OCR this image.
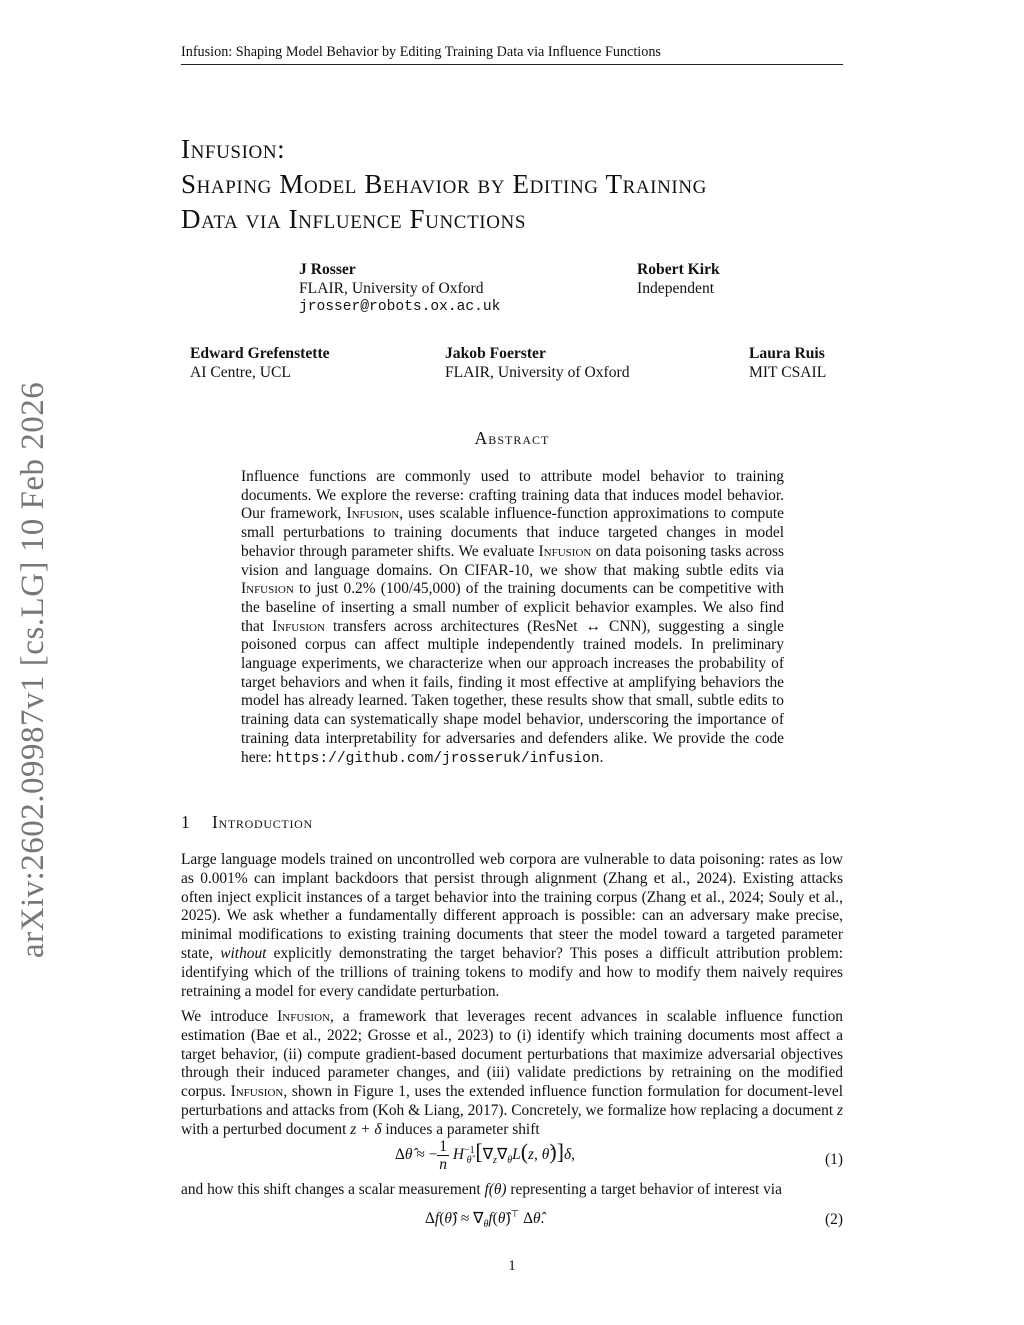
Infusion: Shaping Model Behavior by Editing Training Data via Influence Functions
Infusion:
Shaping Model Behavior by Editing Training
Data via Influence Functions
J Rosser
FLAIR, University of Oxford
jrosser@robots.ox.ac.uk
Robert Kirk
Independent
Edward Grefenstette
AI Centre, UCL
Jakob Foerster
FLAIR, University of Oxford
Laura Ruis
MIT CSAIL
arXiv:2602.09987v1 [cs.LG] 10 Feb 2026	Abstract
Influence functions are commonly used to attribute model behavior to training documents. We explore the reverse: crafting training data that induces model behavior. Our framework, Infusion, uses scalable influence-function approximations to compute small perturbations to training documents that induce targeted changes in model behavior through parameter shifts. We evaluate Infusion on data poisoning tasks across vision and language domains. On CIFAR-10, we show that making subtle edits via Infusion to just 0.2% (100/45,000) of the training documents can be competitive with the baseline of inserting a small number of explicit behavior examples. We also find that Infusion transfers across architectures (ResNet ↔ CNN), suggesting a single poisoned corpus can affect multiple independently trained models. In preliminary language experiments, we characterize when our approach increases the probability of target behaviors and when it fails, finding it most effective at amplifying behaviors the model has already learned. Taken together, these results show that small, subtle edits to training data can systematically shape model behavior, underscoring the importance of training data interpretability for adversaries and defenders alike. We provide the code here: https://github.com/jrosseruk/infusion.
1 Introduction

Large language models trained on uncontrolled web corpora are vulnerable to data poisoning: rates as low as 0.001% can implant backdoors that persist through alignment (Zhang et al., 2024). Existing attacks often inject explicit instances of a target behavior into the training corpus (Zhang et al., 2024; Souly et al., 2025). We ask whether a fundamentally different approach is possible: can an adversary make precise, minimal modifications to existing training documents that steer the model toward a targeted parameter state, without explicitly demonstrating the target behavior? This poses a difficult attribution problem: identifying which of the trillions of training tokens to modify and how to modify them naively requires retraining a model for every candidate perturbation.

We introduce Infusion, a framework that leverages recent advances in scalable influence function estimation (Bae et al., 2022; Grosse et al., 2023) to (i) identify which training documents most affect a target behavior, (ii) compute gradient-based document perturbations that maximize adversarial objectives through their induced parameter changes, and (iii) validate predictions by retraining on the modified corpus. Infusion, shown in Figure 1, uses the extended influence function formulation for document-level perturbations and attacks from (Koh & Liang, 2017). Concretely, we formalize how replacing a document z with a perturbed document z + δ induces a parameter shift

Δθ̂ ≈ − $\frac{1}{n} H^{-1}_{\thetâ}$ [$\nabla_z\nabla_\theta L(z$, θ̂)]δ,	(1)

and how this shift changes a scalar measurement f(θ) representing a target behavior of interest via

Δf(θ̂) ≈ $\nabla_\theta f(\thetâ)^⊤$ Δθ̂.	(2)
1
